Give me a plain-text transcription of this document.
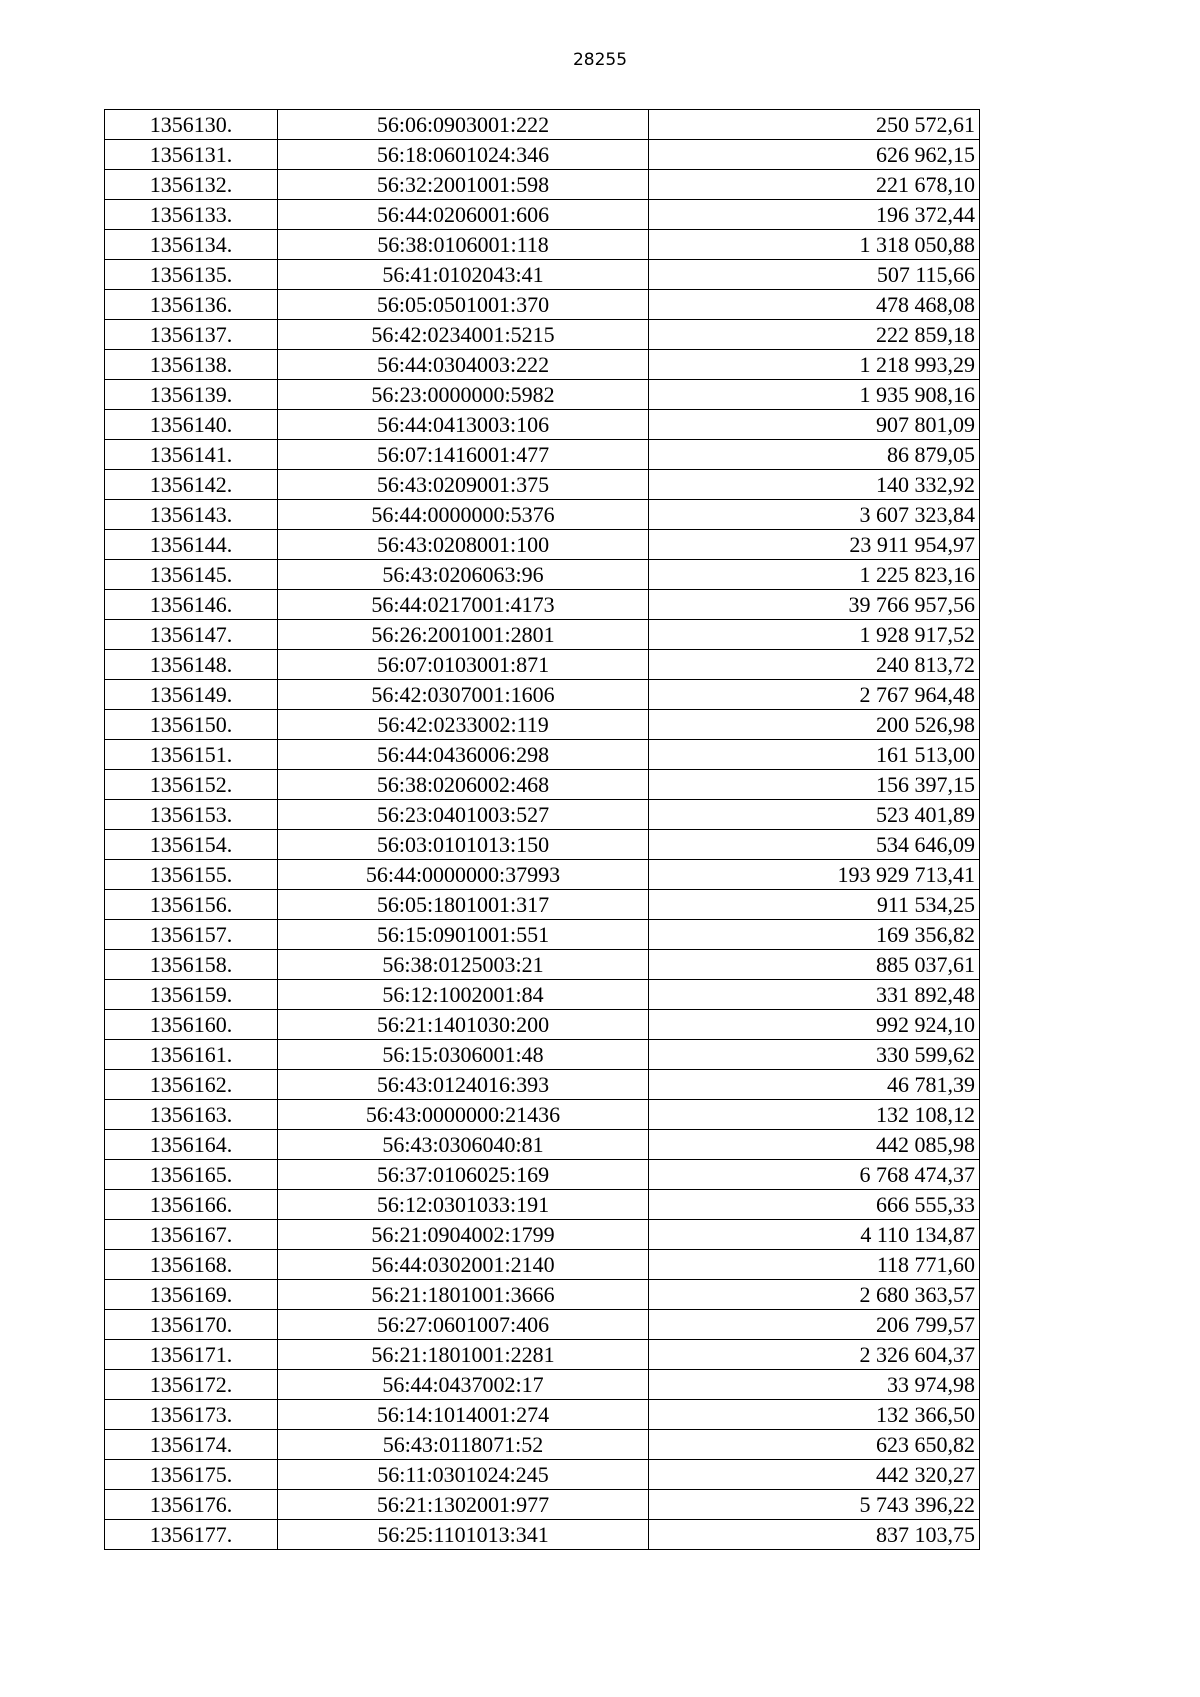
28255
1356130.	56:06:0903001:222	250 572,61
1356131.	56:18:0601024:346	626 962,15
1356132.	56:32:2001001:598	221 678,10
1356133.	56:44:0206001:606	196 372,44
1356134.	56:38:0106001:118	1 318 050,88
1356135.	56:41:0102043:41	507 115,66
1356136.	56:05:0501001:370	478 468,08
1356137.	56:42:0234001:5215	222 859,18
1356138.	56:44:0304003:222	1 218 993,29
1356139.	56:23:0000000:5982	1 935 908,16
1356140.	56:44:0413003:106	907 801,09
1356141.	56:07:1416001:477	86 879,05
1356142.	56:43:0209001:375	140 332,92
1356143.	56:44:0000000:5376	3 607 323,84
1356144.	56:43:0208001:100	23 911 954,97
1356145.	56:43:0206063:96	1 225 823,16
1356146.	56:44:0217001:4173	39 766 957,56
1356147.	56:26:2001001:2801	1 928 917,52
1356148.	56:07:0103001:871	240 813,72
1356149.	56:42:0307001:1606	2 767 964,48
1356150.	56:42:0233002:119	200 526,98
1356151.	56:44:0436006:298	161 513,00
1356152.	56:38:0206002:468	156 397,15
1356153.	56:23:0401003:527	523 401,89
1356154.	56:03:0101013:150	534 646,09
1356155.	56:44:0000000:37993	193 929 713,41
1356156.	56:05:1801001:317	911 534,25
1356157.	56:15:0901001:551	169 356,82
1356158.	56:38:0125003:21	885 037,61
1356159.	56:12:1002001:84	331 892,48
1356160.	56:21:1401030:200	992 924,10
1356161.	56:15:0306001:48	330 599,62
1356162.	56:43:0124016:393	46 781,39
1356163.	56:43:0000000:21436	132 108,12
1356164.	56:43:0306040:81	442 085,98
1356165.	56:37:0106025:169	6 768 474,37
1356166.	56:12:0301033:191	666 555,33
1356167.	56:21:0904002:1799	4 110 134,87
1356168.	56:44:0302001:2140	118 771,60
1356169.	56:21:1801001:3666	2 680 363,57
1356170.	56:27:0601007:406	206 799,57
1356171.	56:21:1801001:2281	2 326 604,37
1356172.	56:44:0437002:17	33 974,98
1356173.	56:14:1014001:274	132 366,50
1356174.	56:43:0118071:52	623 650,82
1356175.	56:11:0301024:245	442 320,27
1356176.	56:21:1302001:977	5 743 396,22
1356177.	56:25:1101013:341	837 103,75
